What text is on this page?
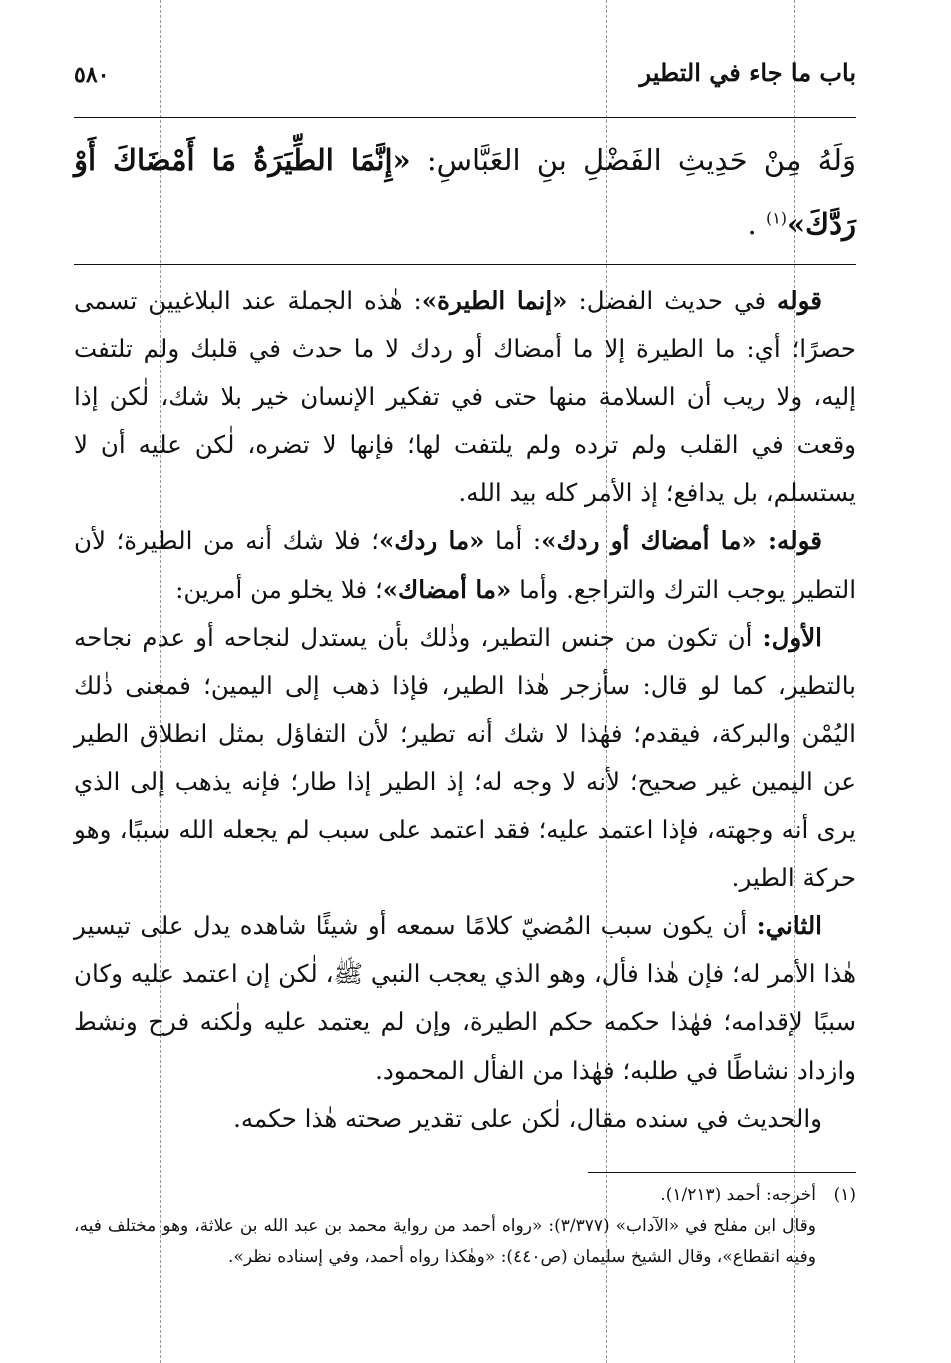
باب ما جاء في التطير
٥٨٠
وَلَهُ مِنْ حَدِيثِ الفَضْلِ بنِ العَبَّاسِ: «إِنَّمَا الطِّيَرَةُ مَا أَمْضَاكَ أَوْ رَدَّكَ»$^{(١)}$ .

قوله في حديث الفضل: «إنما الطيرة»: هٰذه الجملة عند البلاغيين تسمى حصرًا؛ أي: ما الطيرة إلا ما أمضاك أو ردك لا ما حدث في قلبك ولم تلتفت إليه، ولا ريب أن السلامة منها حتى في تفكير الإنسان خير بلا شك، لٰكن إذا وقعت في القلب ولم ترده ولم يلتفت لها؛ فإنها لا تضره، لٰكن عليه أن لا يستسلم، بل يدافع؛ إذ الأمر كله بيد الله.

قوله: «ما أمضاك أو ردك»: أما «ما ردك»؛ فلا شك أنه من الطيرة؛ لأن التطير يوجب الترك والتراجع. وأما «ما أمضاك»؛ فلا يخلو من أمرين:

الأول: أن تكون من جنس التطير، وذٰلك بأن يستدل لنجاحه أو عدم نجاحه بالتطير، كما لو قال: سأزجر هٰذا الطير، فإذا ذهب إلى اليمين؛ فمعنى ذٰلك اليُمْن والبركة، فيقدم؛ فهٰذا لا شك أنه تطير؛ لأن التفاؤل بمثل انطلاق الطير عن اليمين غير صحيح؛ لأنه لا وجه له؛ إذ الطير إذا طار؛ فإنه يذهب إلى الذي يرى أنه وجهته، فإذا اعتمد عليه؛ فقد اعتمد على سبب لم يجعله الله سببًا، وهو حركة الطير.

الثاني: أن يكون سبب المُضيّ كلامًا سمعه أو شيئًا شاهده يدل على تيسير هٰذا الأمر له؛ فإن هٰذا فأل، وهو الذي يعجب النبي ﷺ، لٰكن إن اعتمد عليه وكان سببًا لإقدامه؛ فهٰذا حكمه حكم الطيرة، وإن لم يعتمد عليه ولٰكنه فرح ونشط وازداد نشاطًا في طلبه؛ فهٰذا من الفأل المحمود.

والحديث في سنده مقال، لٰكن على تقدير صحته هٰذا حكمه.

(١)أخرجه: أحمد (١/٢١٣).

وقال ابن مفلح في «الآداب» (٣/٣٧٧): «رواه أحمد من رواية محمد بن عبد الله بن علاثة، وهو مختلف فيه، وفيه انقطاع»، وقال الشيخ سليمان (ص٤٤٠): «وهٰكذا رواه أحمد، وفي إسناده نظر».
